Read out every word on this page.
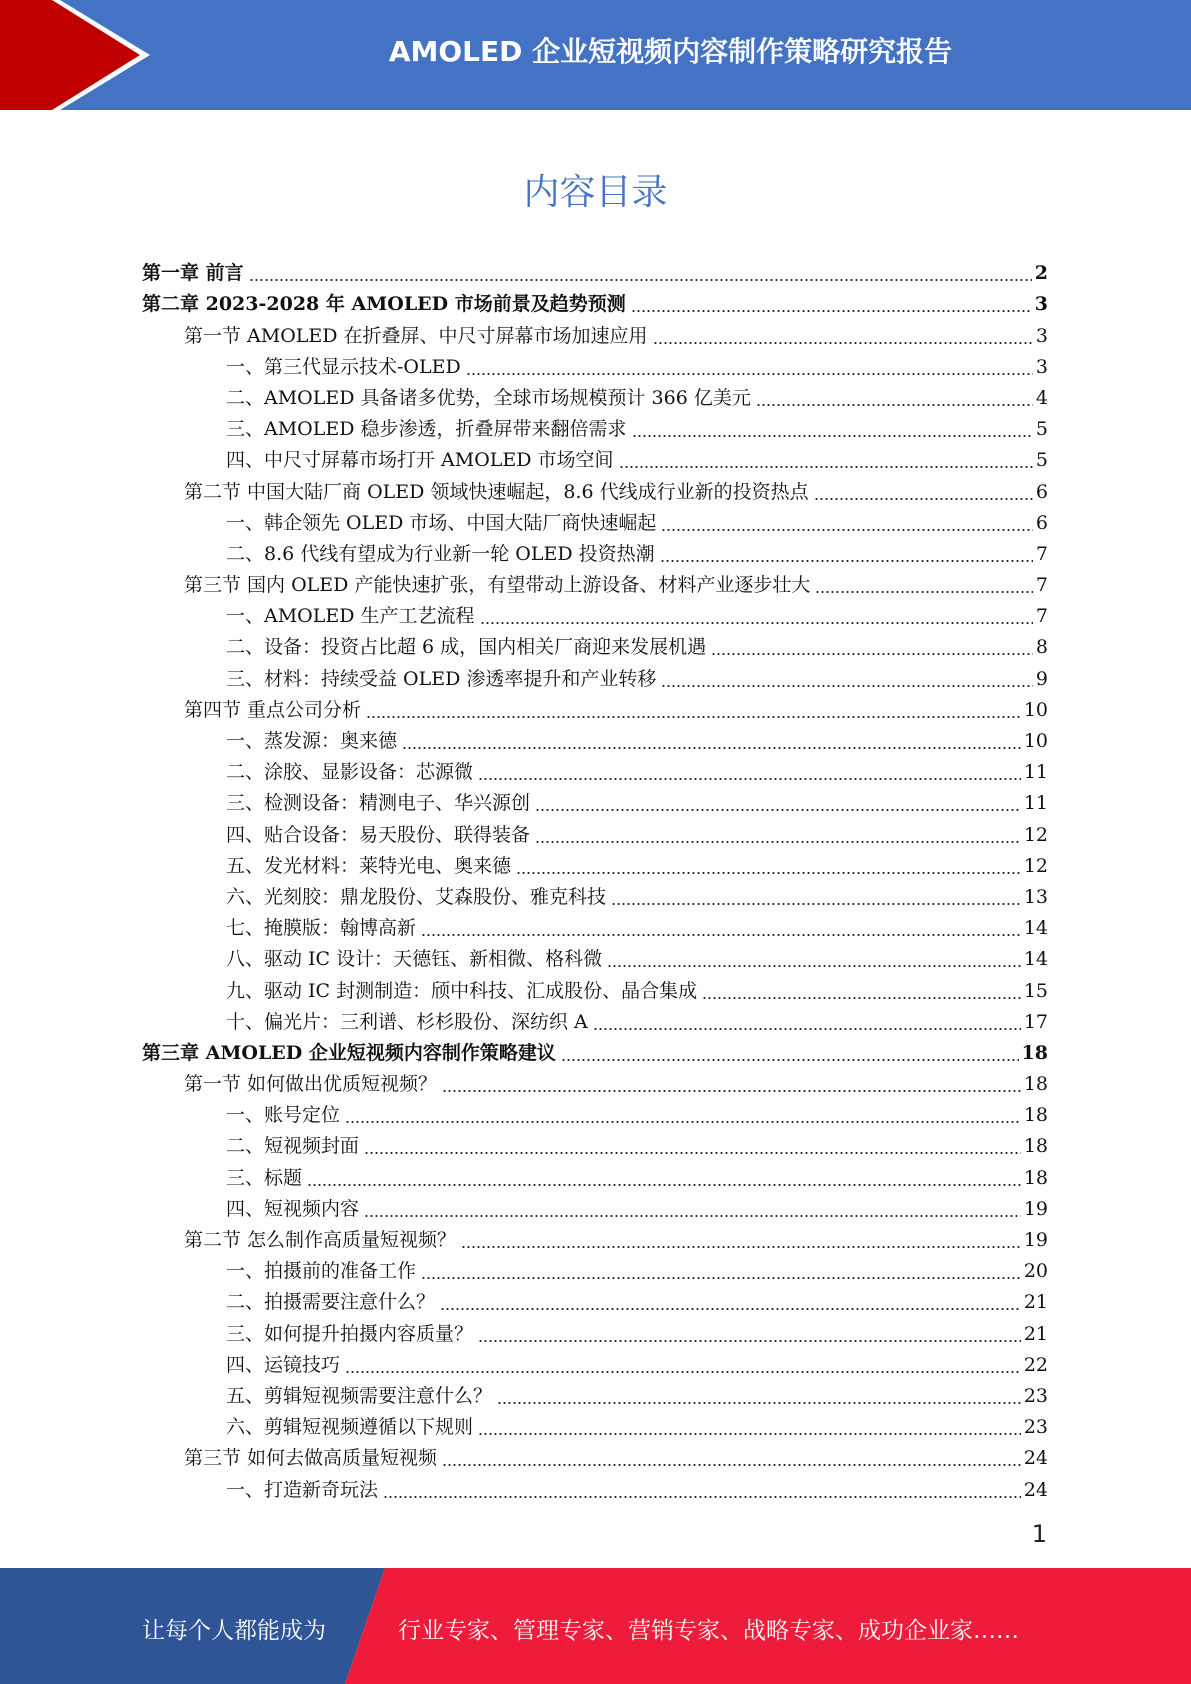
AMOLED 企业短视频内容制作策略研究报告
内容目录
第一章 前言	2
第二章 2023-2028 年 AMOLED 市场前景及趋势预测	3
第一节 AMOLED 在折叠屏、中尺寸屏幕市场加速应用	3
一、第三代显示技术-OLED	3
二、AMOLED 具备诸多优势，全球市场规模预计 366 亿美元	4
三、AMOLED 稳步渗透，折叠屏带来翻倍需求	5
四、中尺寸屏幕市场打开 AMOLED 市场空间	5
第二节 中国大陆厂商 OLED 领域快速崛起，8.6 代线成行业新的投资热点	6
一、韩企领先 OLED 市场、中国大陆厂商快速崛起	6
二、8.6 代线有望成为行业新一轮 OLED 投资热潮	7
第三节 国内 OLED 产能快速扩张，有望带动上游设备、材料产业逐步壮大	7
一、AMOLED 生产工艺流程	7
二、设备：投资占比超 6 成，国内相关厂商迎来发展机遇	8
三、材料：持续受益 OLED 渗透率提升和产业转移	9
第四节 重点公司分析	10
一、蒸发源：奥来德	10
二、涂胶、显影设备：芯源微	11
三、检测设备：精测电子、华兴源创	11
四、贴合设备：易天股份、联得装备	12
五、发光材料：莱特光电、奥来德	12
六、光刻胶：鼎龙股份、艾森股份、雅克科技	13
七、掩膜版：翰博高新	14
八、驱动 IC 设计：天德钰、新相微、格科微	14
九、驱动 IC 封测制造：颀中科技、汇成股份、晶合集成	15
十、偏光片：三利谱、杉杉股份、深纺织 A	17
第三章 AMOLED 企业短视频内容制作策略建议	18
第一节 如何做出优质短视频？	18
一、账号定位	18
二、短视频封面	18
三、标题	18
四、短视频内容	19
第二节 怎么制作高质量短视频？	19
一、拍摄前的准备工作	20
二、拍摄需要注意什么？	21
三、如何提升拍摄内容质量？	21
四、运镜技巧	22
五、剪辑短视频需要注意什么？	23
六、剪辑短视频遵循以下规则	23
第三节 如何去做高质量短视频	24
一、打造新奇玩法	24
1
让每个人都能成为	行业专家、管理专家、营销专家、战略专家、成功企业家……
